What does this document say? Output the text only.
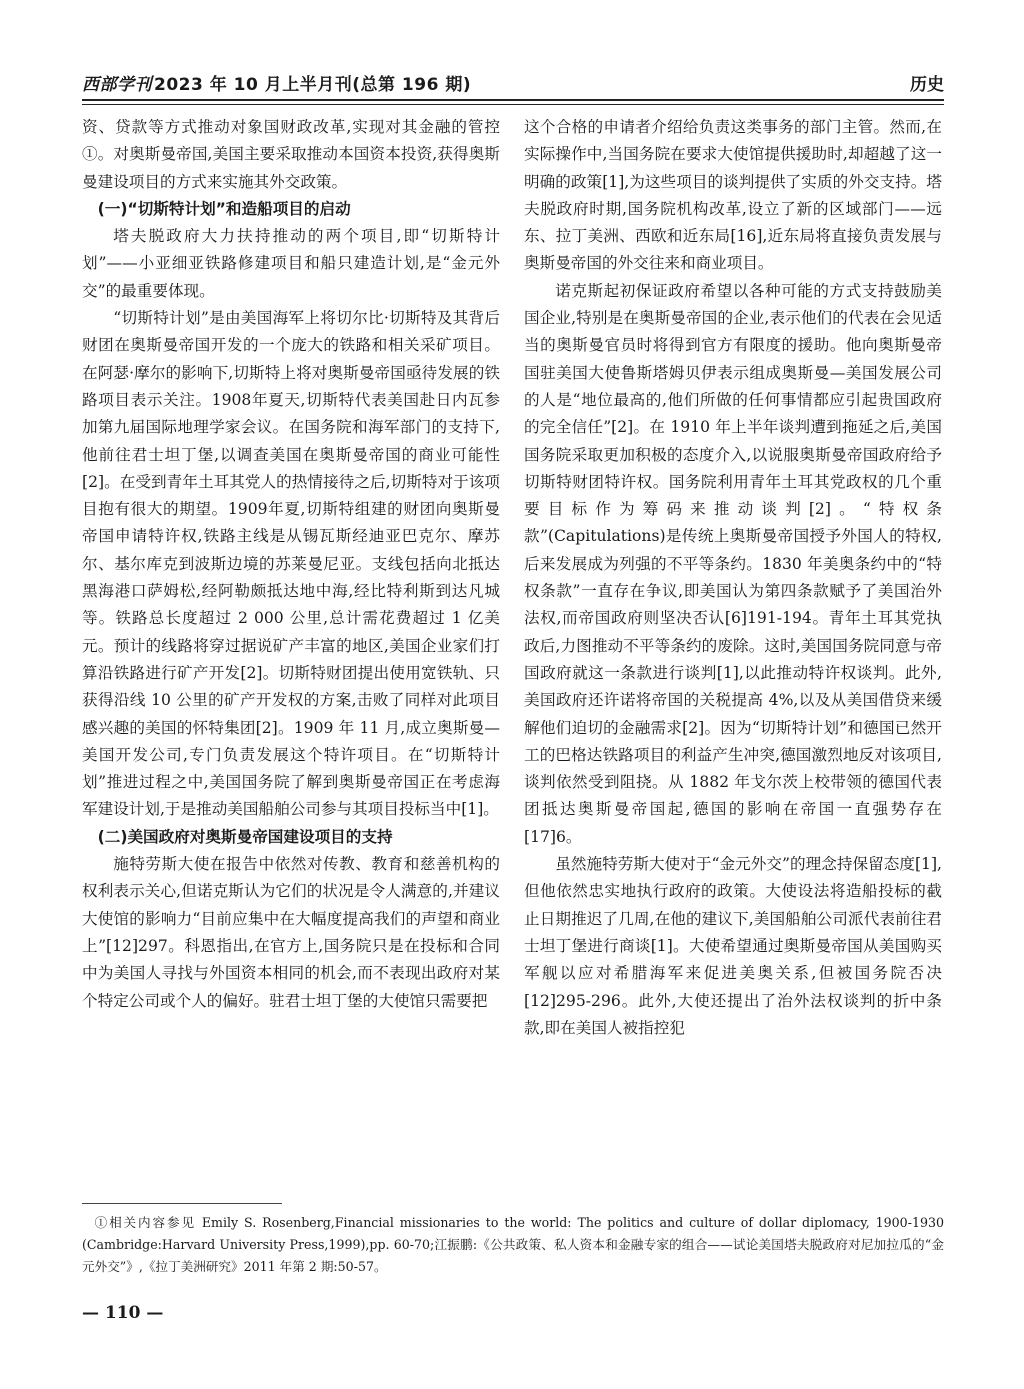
西部学刊 2023 年 10 月上半月刊(总第 196 期)	历史

资、贷款等方式推动对象国财政改革,实现对其金融的管控①。对奥斯曼帝国,美国主要采取推动本国资本投资,获得奥斯曼建设项目的方式来实施其外交政策。

(一)“切斯特计划”和造船项目的启动

塔夫脱政府大力扶持推动的两个项目,即“切斯特计划”——小亚细亚铁路修建项目和船只建造计划,是“金元外交”的最重要体现。

“切斯特计划”是由美国海军上将切尔比·切斯特及其背后财团在奥斯曼帝国开发的一个庞大的铁路和相关采矿项目。在阿瑟·摩尔的影响下,切斯特上将对奥斯曼帝国亟待发展的铁路项目表示关注。1908年夏天,切斯特代表美国赴日内瓦参加第九届国际地理学家会议。在国务院和海军部门的支持下,他前往君士坦丁堡,以调查美国在奥斯曼帝国的商业可能性[2]。在受到青年土耳其党人的热情接待之后,切斯特对于该项目抱有很大的期望。1909年夏,切斯特组建的财团向奥斯曼帝国申请特许权,铁路主线是从锡瓦斯经迪亚巴克尔、摩苏尔、基尔库克到波斯边境的苏莱曼尼亚。支线包括向北抵达黑海港口萨姆松,经阿勒颇抵达地中海,经比特利斯到达凡城等。铁路总长度超过 2 000 公里,总计需花费超过 1 亿美元。预计的线路将穿过据说矿产丰富的地区,美国企业家们打算沿铁路进行矿产开发[2]。切斯特财团提出使用宽铁轨、只获得沿线 10 公里的矿产开发权的方案,击败了同样对此项目感兴趣的美国的怀特集团[2]。1909 年 11 月,成立奥斯曼—美国开发公司,专门负责发展这个特许项目。在“切斯特计划”推进过程之中,美国国务院了解到奥斯曼帝国正在考虑海军建设计划,于是推动美国船舶公司参与其项目投标当中[1]。

(二)美国政府对奥斯曼帝国建设项目的支持

施特劳斯大使在报告中依然对传教、教育和慈善机构的权利表示关心,但诺克斯认为它们的状况是令人满意的,并建议大使馆的影响力“目前应集中在大幅度提高我们的声望和商业上”[12]297。科恩指出,在官方上,国务院只是在投标和合同中为美国人寻找与外国资本相同的机会,而不表现出政府对某个特定公司或个人的偏好。驻君士坦丁堡的大使馆只需要把

这个合格的申请者介绍给负责这类事务的部门主管。然而,在实际操作中,当国务院在要求大使馆提供援助时,却超越了这一明确的政策[1],为这些项目的谈判提供了实质的外交支持。塔夫脱政府时期,国务院机构改革,设立了新的区域部门——远东、拉丁美洲、西欧和近东局[16],近东局将直接负责发展与奥斯曼帝国的外交往来和商业项目。

诺克斯起初保证政府希望以各种可能的方式支持鼓励美国企业,特别是在奥斯曼帝国的企业,表示他们的代表在会见适当的奥斯曼官员时将得到官方有限度的援助。他向奥斯曼帝国驻美国大使鲁斯塔姆贝伊表示组成奥斯曼—美国发展公司的人是“地位最高的,他们所做的任何事情都应引起贵国政府的完全信任”[2]。在 1910 年上半年谈判遭到拖延之后,美国国务院采取更加积极的态度介入,以说服奥斯曼帝国政府给予切斯特财团特许权。国务院利用青年土耳其党政权的几个重要目标作为筹码来推动谈判[2]。“特权条款”(Capitulations)是传统上奥斯曼帝国授予外国人的特权,后来发展成为列强的不平等条约。1830 年美奥条约中的“特权条款”一直存在争议,即美国认为第四条款赋予了美国治外法权,而帝国政府则坚决否认[6]191-194。青年土耳其党执政后,力图推动不平等条约的废除。这时,美国国务院同意与帝国政府就这一条款进行谈判[1],以此推动特许权谈判。此外,美国政府还许诺将帝国的关税提高 4%,以及从美国借贷来缓解他们迫切的金融需求[2]。因为“切斯特计划”和德国已然开工的巴格达铁路项目的利益产生冲突,德国激烈地反对该项目,谈判依然受到阻挠。从 1882 年戈尔茨上校带领的德国代表团抵达奥斯曼帝国起,德国的影响在帝国一直强势存在[17]6。

虽然施特劳斯大使对于“金元外交”的理念持保留态度[1],但他依然忠实地执行政府的政策。大使设法将造船投标的截止日期推迟了几周,在他的建议下,美国船舶公司派代表前往君士坦丁堡进行商谈[1]。大使希望通过奥斯曼帝国从美国购买军舰以应对希腊海军来促进美奥关系,但被国务院否决[12]295-296。此外,大使还提出了治外法权谈判的折中条款,即在美国人被指控犯

①相关内容参见 Emily S. Rosenberg,Financial missionaries to the world: The politics and culture of dollar diplomacy, 1900-1930 (Cambridge:Harvard University Press,1999),pp. 60-70;江振鹏:《公共政策、私人资本和金融专家的组合——试论美国塔夫脱政府对尼加拉瓜的“金元外交”》,《拉丁美洲研究》2011 年第 2 期:50-57。
— 110 —
